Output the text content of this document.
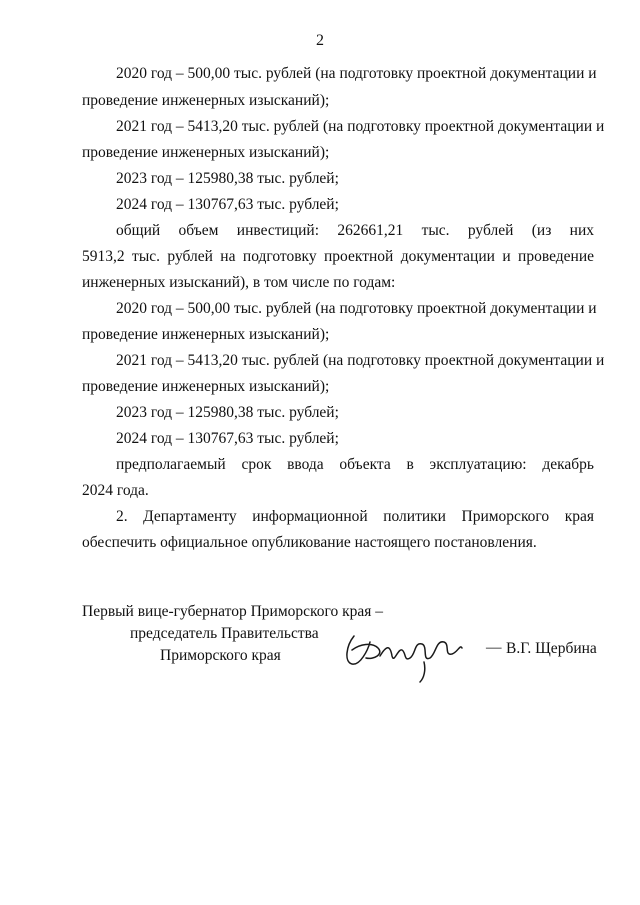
2
2020 год – 500,00 тыс. рублей (на подготовку проектной документации и
проведение инженерных изысканий);
2021 год – 5413,20 тыс. рублей (на подготовку проектной документации и
проведение инженерных изысканий);
2023 год – 125980,38 тыс. рублей;
2024 год – 130767,63 тыс. рублей;
общий объем инвестиций: 262661,21 тыс. рублей (из них
5913,2 тыс. рублей на подготовку проектной документации и проведение
инженерных изысканий), в том числе по годам:
2020 год – 500,00 тыс. рублей (на подготовку проектной документации и
проведение инженерных изысканий);
2021 год – 5413,20 тыс. рублей (на подготовку проектной документации и
проведение инженерных изысканий);
2023 год – 125980,38 тыс. рублей;
2024 год – 130767,63 тыс. рублей;
предполагаемый срок ввода объекта в эксплуатацию: декабрь
2024 года.
2. Департаменту информационной политики Приморского края
обеспечить официальное опубликование настоящего постановления.
Первый вице-губернатор Приморского края –
председатель Правительства
Приморского края	— В.Г. Щербина
